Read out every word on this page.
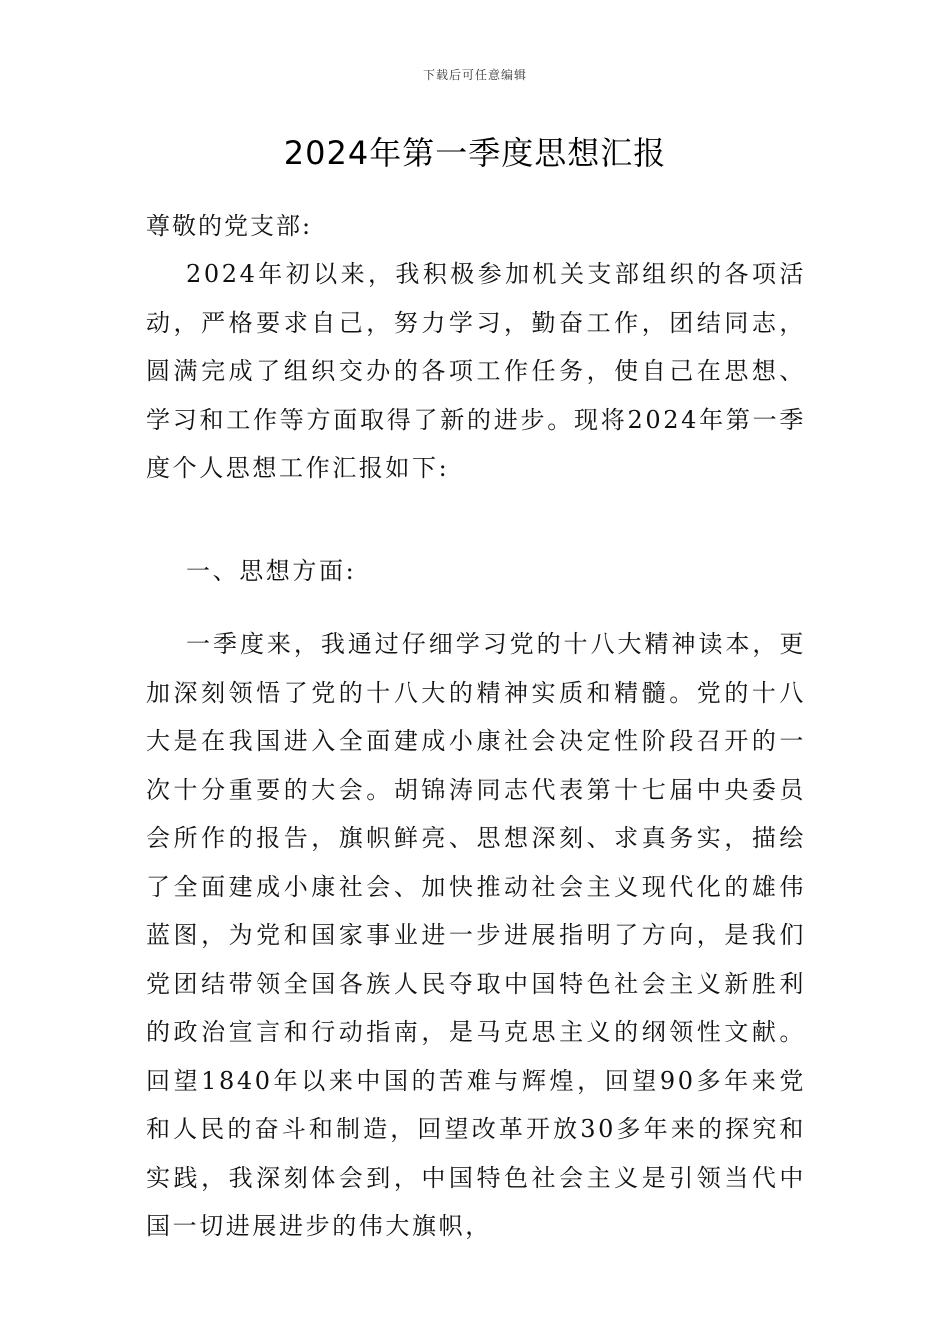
下载后可任意编辑
2024年第一季度思想汇报
尊敬的党支部:
2024年初以来，我积极参加机关支部组织的各项活动，严格要求自己，努力学习，勤奋工作，团结同志，圆满完成了组织交办的各项工作任务，使自己在思想、学习和工作等方面取得了新的进步。现将2024年第一季度个人思想工作汇报如下:
一、思想方面:
一季度来，我通过仔细学习党的十八大精神读本，更加深刻领悟了党的十八大的精神实质和精髓。党的十八大是在我国进入全面建成小康社会决定性阶段召开的一次十分重要的大会。胡锦涛同志代表第十七届中央委员会所作的报告，旗帜鲜亮、思想深刻、求真务实，描绘了全面建成小康社会、加快推动社会主义现代化的雄伟蓝图，为党和国家事业进一步进展指明了方向，是我们党团结带领全国各族人民夺取中国特色社会主义新胜利的政治宣言和行动指南，是马克思主义的纲领性文献。回望1840年以来中国的苦难与辉煌，回望90多年来党和人民的奋斗和制造，回望改革开放30多年来的探究和实践，我深刻体会到，中国特色社会主义是引领当代中国一切进展进步的伟大旗帜，
